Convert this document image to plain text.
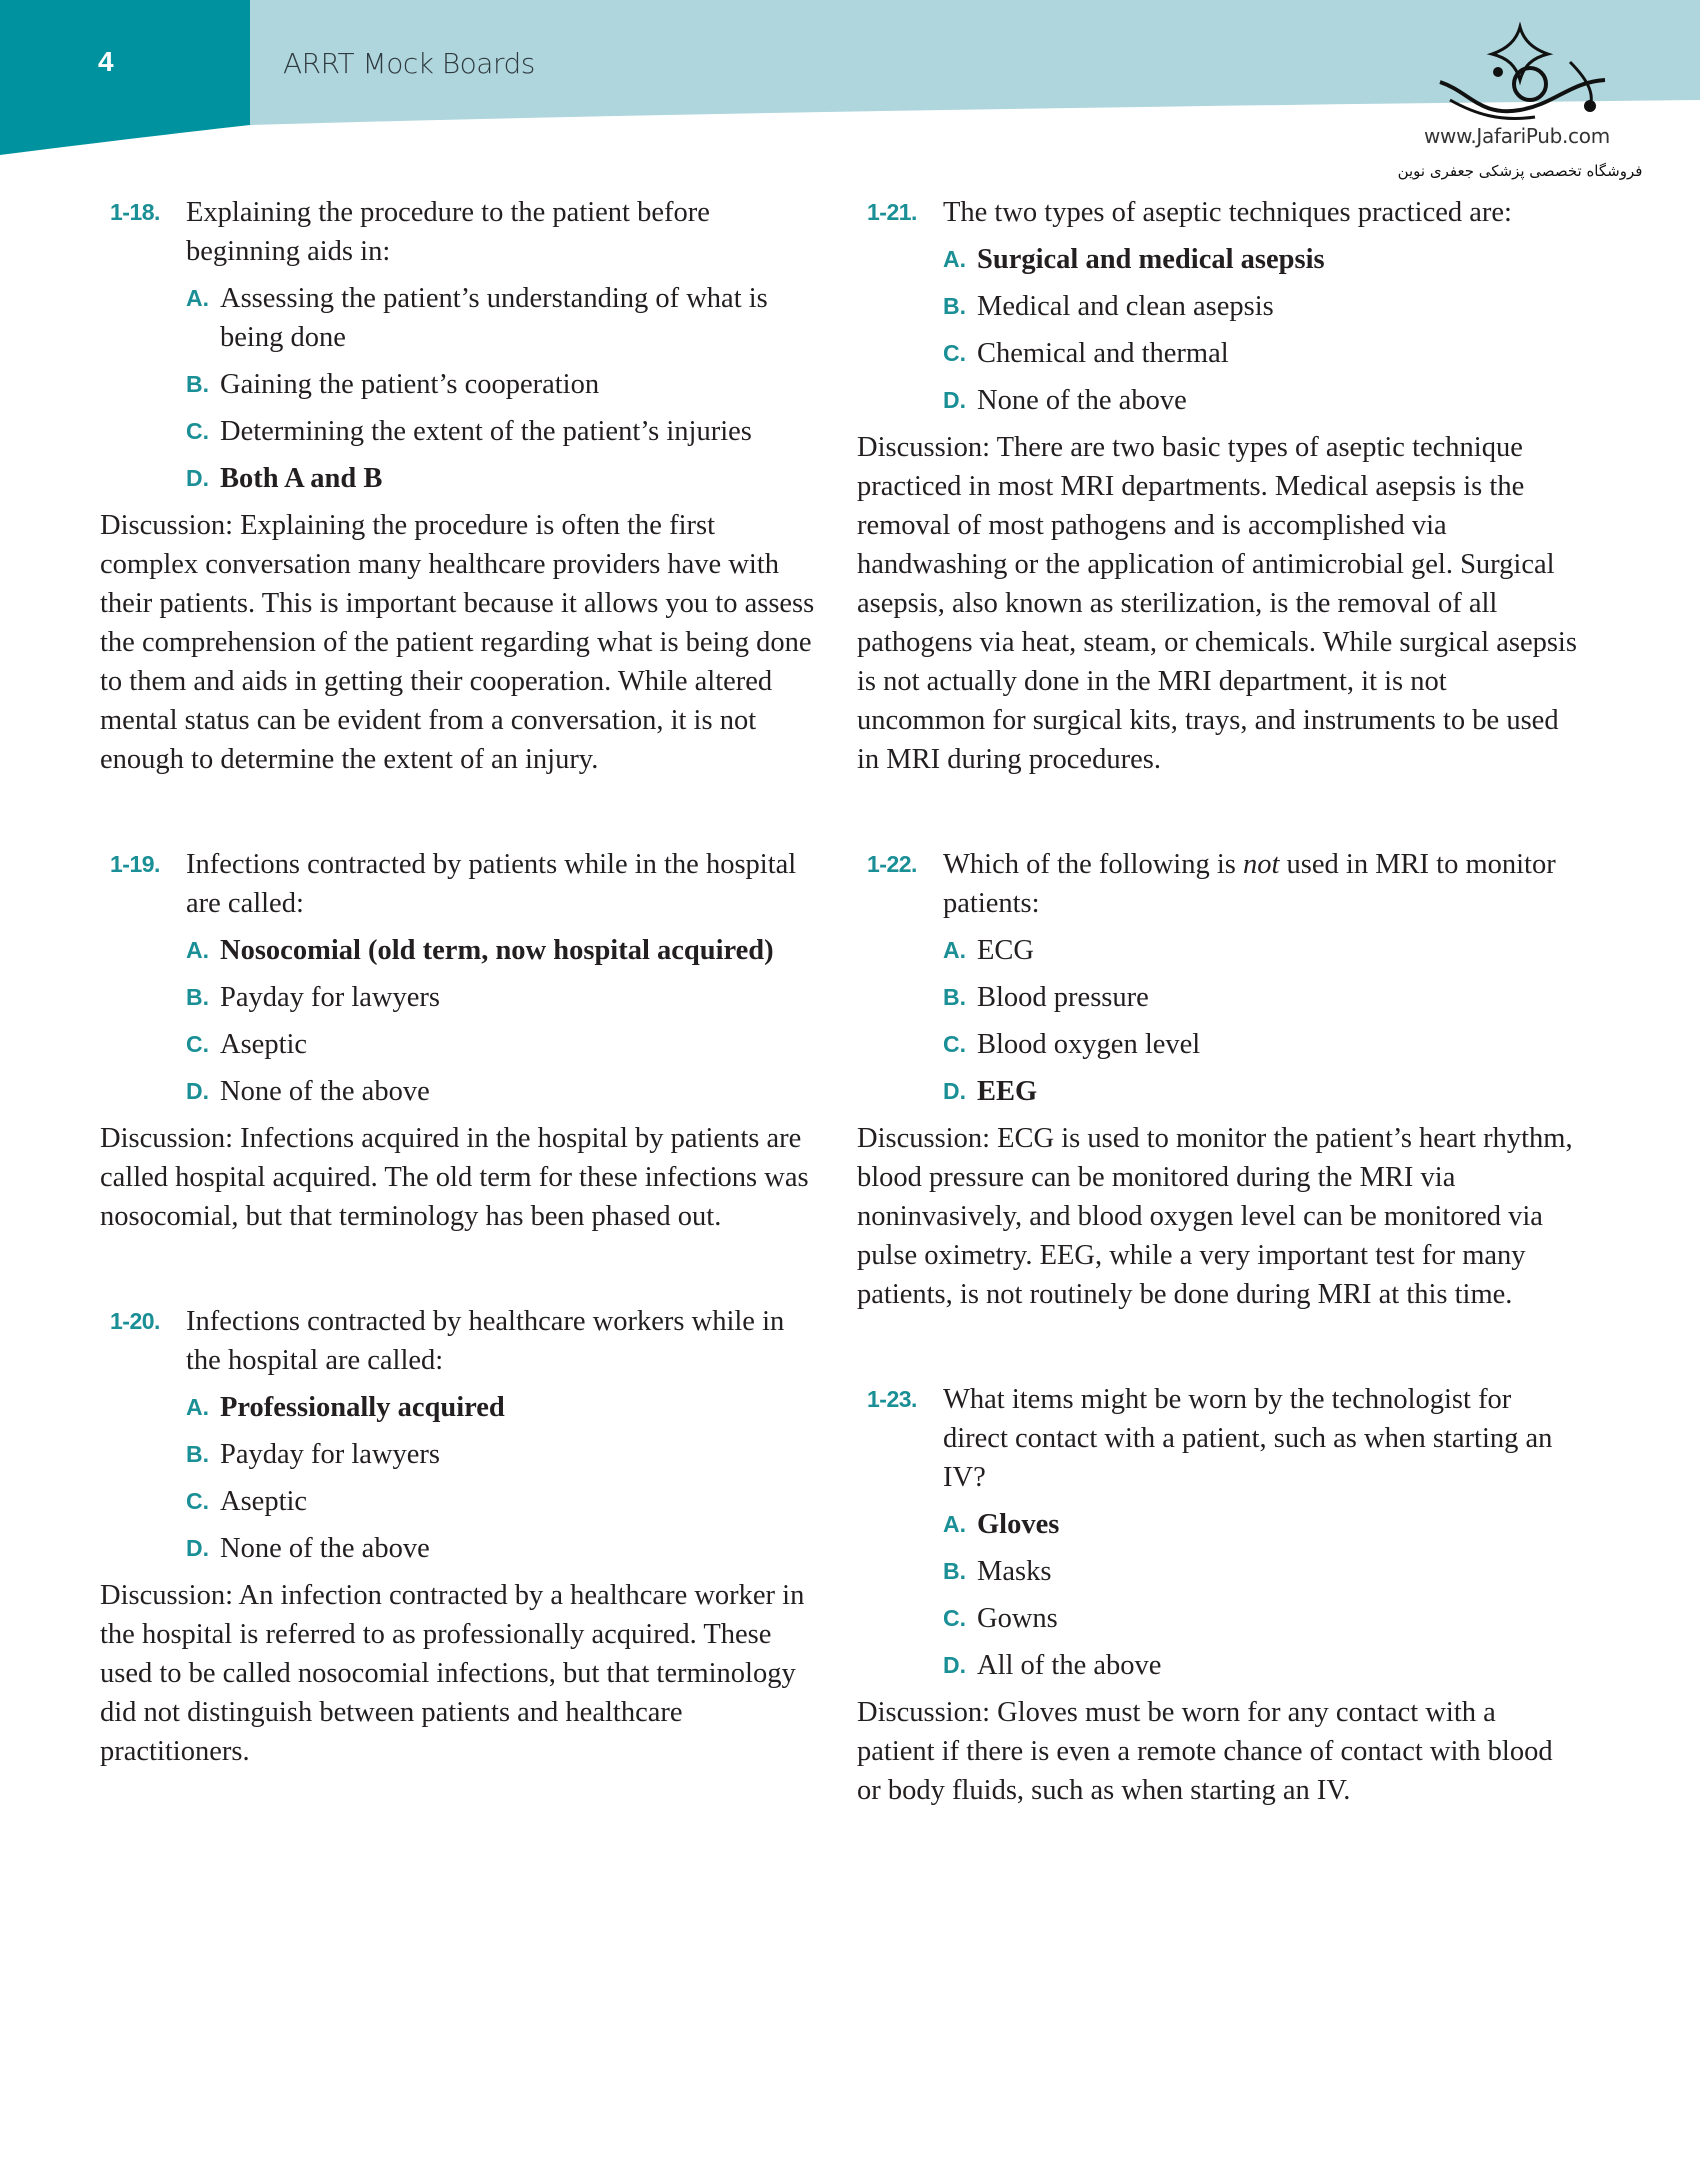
4	ARRT Mock Boards
www.JafariPub.com
فروشگاه تخصصی پزشکی جعفری نوین
1-18. Explaining the procedure to the patient before beginning aids in:
A. Assessing the patient’s understanding of what is being done
B. Gaining the patient’s cooperation
C. Determining the extent of the patient’s injuries
D. Both A and B

Discussion: Explaining the procedure is often the first complex conversation many healthcare providers have with their patients. This is important because it allows you to assess the comprehension of the patient regarding what is being done to them and aids in getting their cooperation. While altered mental status can be evident from a conversation, it is not enough to determine the extent of an injury.

1-19. Infections contracted by patients while in the hospital are called:
A. Nosocomial (old term, now hospital acquired)
B. Payday for lawyers
C. Aseptic
D. None of the above

Discussion: Infections acquired in the hospital by patients are called hospital acquired. The old term for these infections was nosocomial, but that terminology has been phased out.

1-20. Infections contracted by healthcare workers while in the hospital are called:
A. Professionally acquired
B. Payday for lawyers
C. Aseptic
D. None of the above

Discussion: An infection contracted by a healthcare worker in the hospital is referred to as professionally acquired. These used to be called nosocomial infections, but that terminology did not distinguish between patients and healthcare practitioners.

1-21. The two types of aseptic techniques practiced are:
A. Surgical and medical asepsis
B. Medical and clean asepsis
C. Chemical and thermal
D. None of the above

Discussion: There are two basic types of aseptic technique practiced in most MRI departments. Medical asepsis is the removal of most pathogens and is accomplished via handwashing or the application of antimicrobial gel. Surgical asepsis, also known as sterilization, is the removal of all pathogens via heat, steam, or chemicals. While surgical asepsis is not actually done in the MRI department, it is not uncommon for surgical kits, trays, and instruments to be used in MRI during procedures.

1-22. Which of the following is not used in MRI to monitor patients:
A. ECG
B. Blood pressure
C. Blood oxygen level
D. EEG

Discussion: ECG is used to monitor the patient’s heart rhythm, blood pressure can be monitored during the MRI via noninvasively, and blood oxygen level can be monitored via pulse oximetry. EEG, while a very important test for many patients, is not routinely be done during MRI at this time.

1-23. What items might be worn by the technologist for direct contact with a patient, such as when starting an IV?
A. Gloves
B. Masks
C. Gowns
D. All of the above

Discussion: Gloves must be worn for any contact with a patient if there is even a remote chance of contact with blood or body fluids, such as when starting an IV.
